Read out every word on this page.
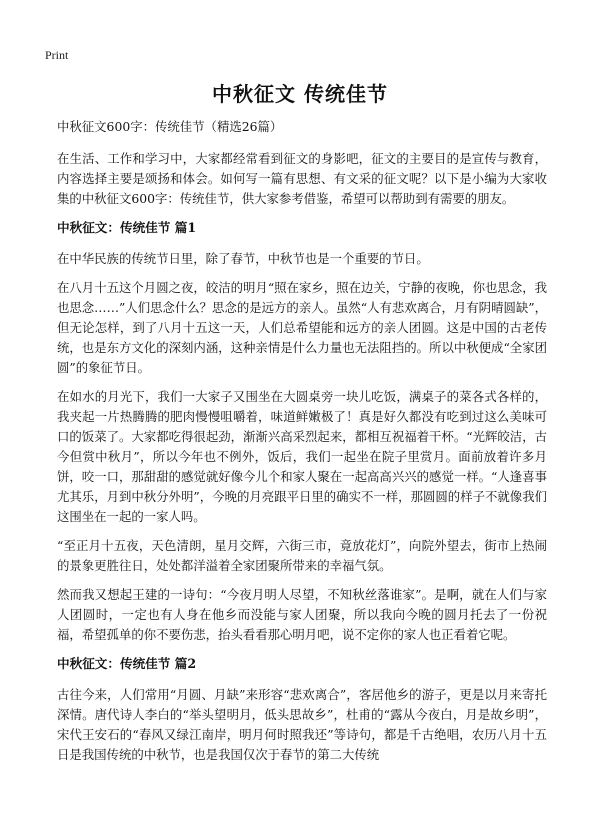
Print
中秋征文 传统佳节

中秋征文600字：传统佳节（精选26篇）

在生活、工作和学习中，大家都经常看到征文的身影吧，征文的主要目的是宣传与教育，内容选择主要是颂扬和体会。如何写一篇有思想、有文采的征文呢？以下是小编为大家收集的中秋征文600字：传统佳节，供大家参考借鉴，希望可以帮助到有需要的朋友。

中秋征文：传统佳节 篇1

在中华民族的传统节日里，除了春节，中秋节也是一个重要的节日。

在八月十五这个月圆之夜，皎洁的明月“照在家乡，照在边关，宁静的夜晚，你也思念，我也思念……”人们思念什么？思念的是远方的亲人。虽然“人有悲欢离合，月有阴晴圆缺”，但无论怎样，到了八月十五这一天，人们总希望能和远方的亲人团圆。这是中国的古老传统，也是东方文化的深刻内涵，这种亲情是什么力量也无法阻挡的。所以中秋便成“全家团圆”的象征节日。

在如水的月光下，我们一大家子又围坐在大圆桌旁一块儿吃饭，满桌子的菜各式各样的，我夹起一片热腾腾的肥肉慢慢咀嚼着，味道鲜嫩极了！真是好久都没有吃到过这么美味可口的饭菜了。大家都吃得很起劲，渐渐兴高采烈起来，都相互祝福着干杯。“光辉皎洁，古今但赏中秋月”，所以今年也不例外，饭后，我们一起坐在院子里赏月。面前放着许多月饼，咬一口，那甜甜的感觉就好像今儿个和家人聚在一起高高兴兴的感觉一样。“人逢喜事尤其乐，月到中秋分外明”，今晚的月亮跟平日里的确实不一样，那圆圆的样子不就像我们这围坐在一起的一家人吗。

“至正月十五夜，天色清朗，星月交辉，六街三市，竟放花灯”，向院外望去，街市上热闹的景象更胜往日，处处都洋溢着全家团聚所带来的幸福气氛。

然而我又想起王建的一诗句：“今夜月明人尽望，不知秋丝落谁家”。是啊，就在人们与家人团圆时，一定也有人身在他乡而没能与家人团聚，所以我向今晚的圆月托去了一份祝福，希望孤单的你不要伤悲，抬头看看那心明月吧，说不定你的家人也正看着它呢。

中秋征文：传统佳节 篇2

古往今来，人们常用“月圆、月缺”来形容“悲欢离合”，客居他乡的游子，更是以月来寄托深情。唐代诗人李白的“举头望明月，低头思故乡”，杜甫的“露从今夜白，月是故乡明”，宋代王安石的“春风又绿江南岸，明月何时照我还”等诗句，都是千古绝唱，农历八月十五日是我国传统的中秋节，也是我国仅次于春节的第二大传统
